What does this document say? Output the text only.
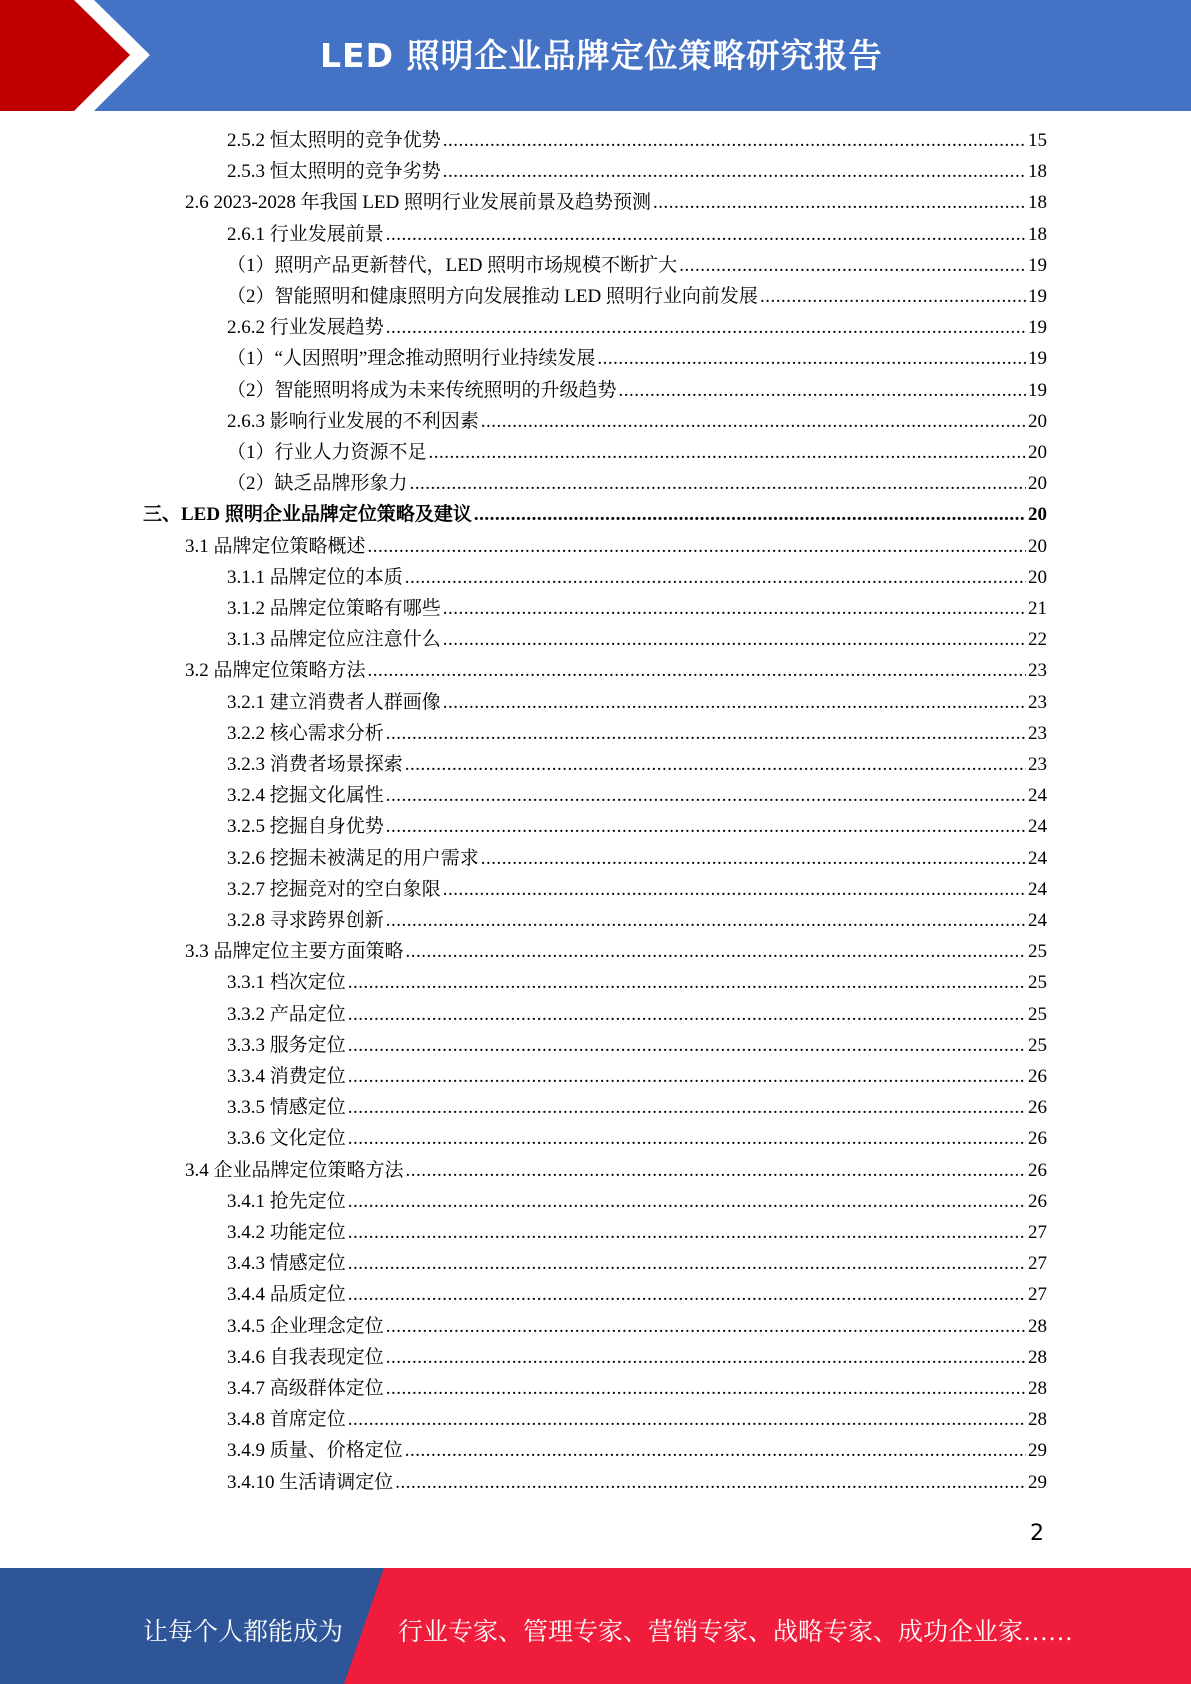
LED 照明企业品牌定位策略研究报告
2.5.2 恒太照明的竞争优势 .....	15
2.5.3 恒太照明的竞争劣势 .....	18
2.6 2023-2028 年我国 LED 照明行业发展前景及趋势预测 .....	18
2.6.1 行业发展前景 .....	18
（1）照明产品更新替代，LED 照明市场规模不断扩大 .....	19
（2）智能照明和健康照明方向发展推动 LED 照明行业向前发展 .....	19
2.6.2 行业发展趋势 .....	19
（1）“人因照明”理念推动照明行业持续发展 .....	19
（2）智能照明将成为未来传统照明的升级趋势 .....	19
2.6.3 影响行业发展的不利因素 .....	20
（1）行业人力资源不足 .....	20
（2）缺乏品牌形象力 .....	20
三、LED 照明企业品牌定位策略及建议 .....	20
3.1 品牌定位策略概述 .....	20
3.1.1 品牌定位的本质 .....	20
3.1.2 品牌定位策略有哪些 .....	21
3.1.3 品牌定位应注意什么 .....	22
3.2 品牌定位策略方法 .....	23
3.2.1 建立消费者人群画像 .....	23
3.2.2 核心需求分析 .....	23
3.2.3 消费者场景探索 .....	23
3.2.4 挖掘文化属性 .....	24
3.2.5 挖掘自身优势 .....	24
3.2.6 挖掘未被满足的用户需求 .....	24
3.2.7 挖掘竞对的空白象限 .....	24
3.2.8 寻求跨界创新 .....	24
3.3 品牌定位主要方面策略 .....	25
3.3.1 档次定位 .....	25
3.3.2 产品定位 .....	25
3.3.3 服务定位 .....	25
3.3.4 消费定位 .....	26
3.3.5 情感定位 .....	26
3.3.6 文化定位 .....	26
3.4 企业品牌定位策略方法 .....	26
3.4.1 抢先定位 .....	26
3.4.2 功能定位 .....	27
3.4.3 情感定位 .....	27
3.4.4 品质定位 .....	27
3.4.5 企业理念定位 .....	28
3.4.6 自我表现定位 .....	28
3.4.7 高级群体定位 .....	28
3.4.8 首席定位 .....	28
3.4.9 质量、价格定位 .....	29
3.4.10 生活请调定位 .....	29
2
让每个人都能成为 行业专家、管理专家、营销专家、战略专家、成功企业家……
